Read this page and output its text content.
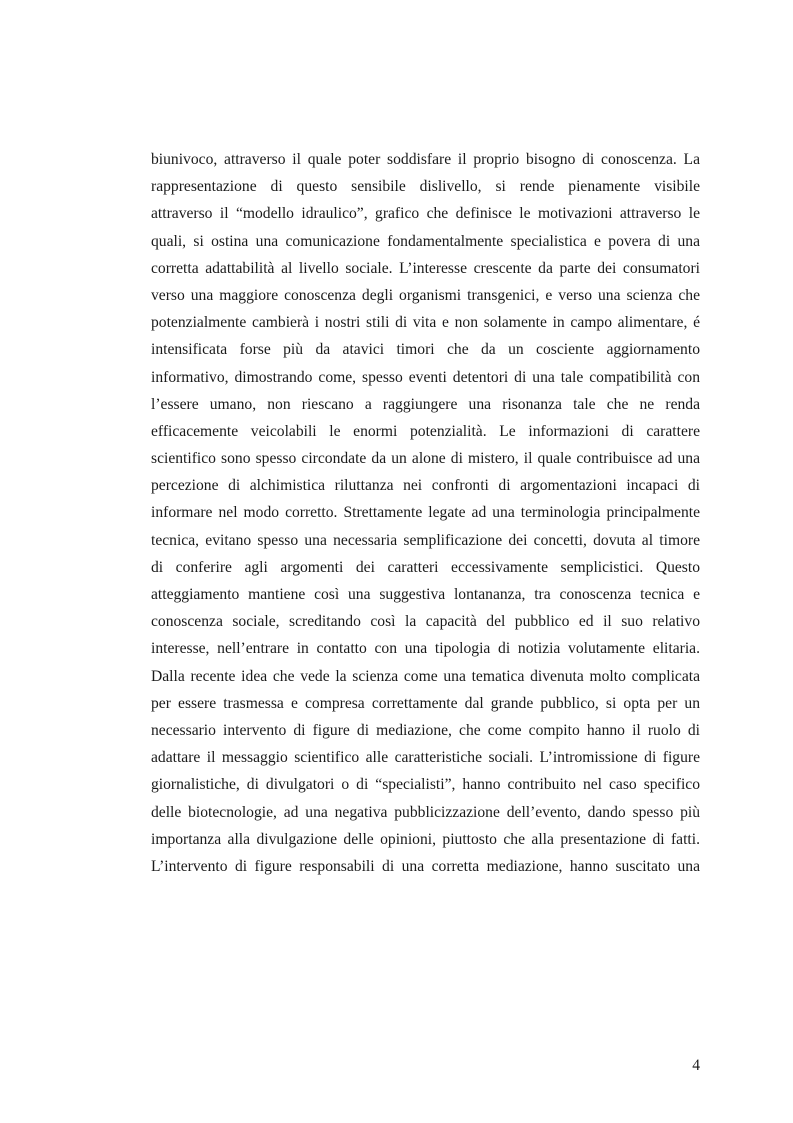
biunivoco, attraverso il quale poter soddisfare il proprio bisogno di conoscenza. La
rappresentazione di questo sensibile dislivello, si rende pienamente visibile
attraverso il “modello idraulico”, grafico che definisce le motivazioni attraverso le
quali, si ostina una comunicazione fondamentalmente specialistica e povera di una
corretta adattabilità al livello sociale. L’interesse crescente da parte dei consumatori
verso una maggiore conoscenza degli organismi transgenici, e verso una scienza che
potenzialmente cambierà i nostri stili di vita e non solamente in campo alimentare, é
intensificata forse più da atavici timori che da un cosciente aggiornamento
informativo, dimostrando come, spesso eventi detentori di una tale compatibilità con
l’essere umano, non riescano a raggiungere una risonanza tale che ne renda
efficacemente veicolabili le enormi potenzialità. Le informazioni di carattere
scientifico sono spesso circondate da un alone di mistero, il quale contribuisce ad una
percezione di alchimistica riluttanza nei confronti di argomentazioni incapaci di
informare nel modo corretto. Strettamente legate ad una terminologia principalmente
tecnica, evitano spesso una necessaria semplificazione dei concetti, dovuta al timore
di conferire agli argomenti dei caratteri eccessivamente semplicistici. Questo
atteggiamento mantiene così una suggestiva lontananza, tra conoscenza tecnica e
conoscenza sociale, screditando così la capacità del pubblico ed il suo relativo
interesse, nell’entrare in contatto con una tipologia di notizia volutamente elitaria.
Dalla recente idea che vede la scienza come una tematica divenuta molto complicata
per essere trasmessa e compresa correttamente dal grande pubblico, si opta per un
necessario intervento di figure di mediazione, che come compito hanno il ruolo di
adattare il messaggio scientifico alle caratteristiche sociali. L’intromissione di figure
giornalistiche, di divulgatori o di “specialisti”, hanno contribuito nel caso specifico
delle biotecnologie, ad una negativa pubblicizzazione dell’evento, dando spesso più
importanza alla divulgazione delle opinioni, piuttosto che alla presentazione di fatti.
L’intervento di figure responsabili di una corretta mediazione, hanno suscitato una
4
